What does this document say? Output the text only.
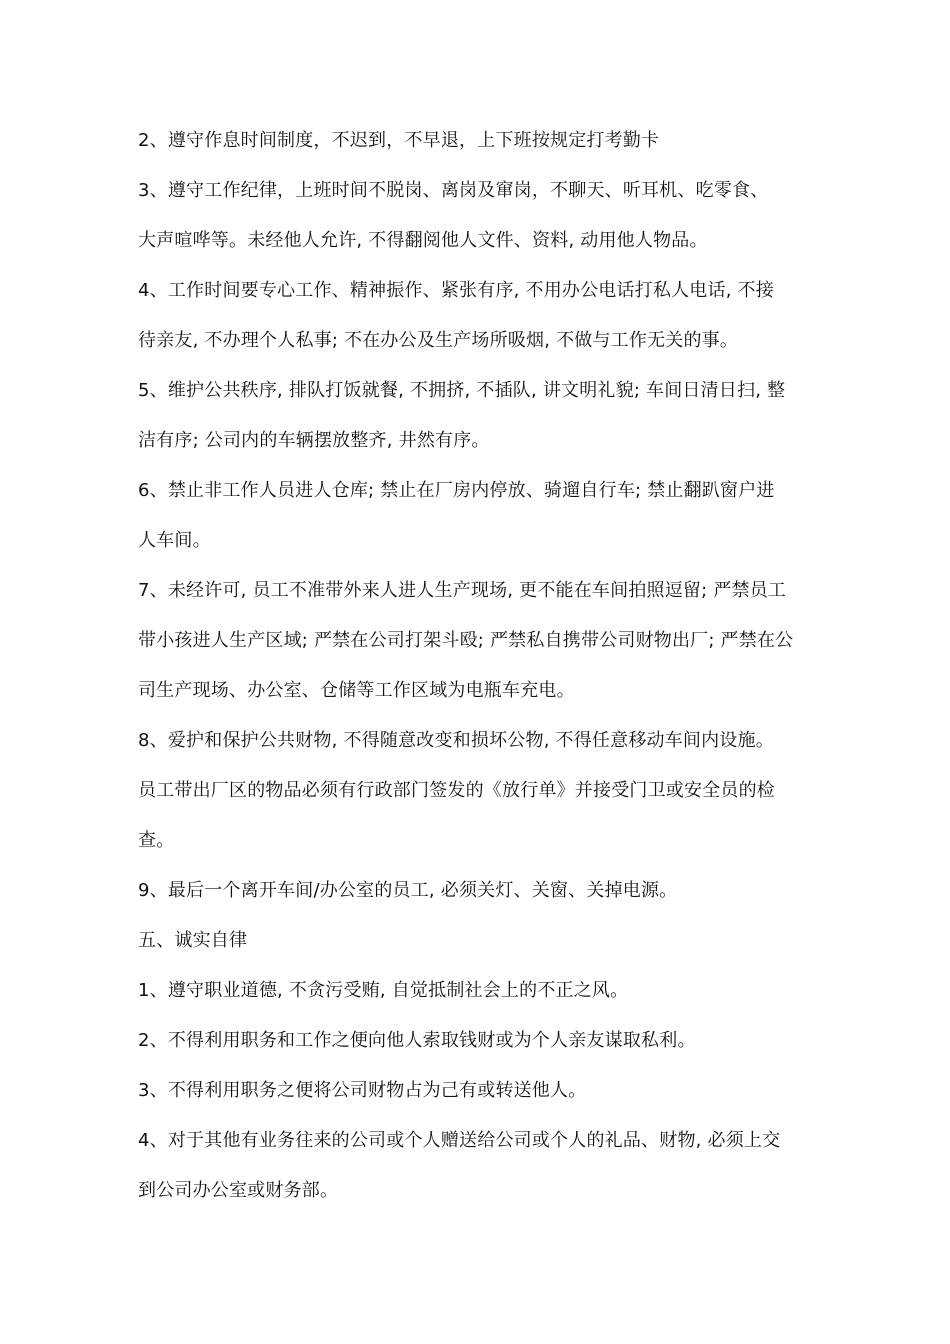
2、遵守作息时间制度，不迟到，不早退，上下班按规定打考勤卡
3、遵守工作纪律，上班时间不脱岗、离岗及窜岗，不聊天、听耳机、吃零食、
大声喧哗等。未经他人允许, 不得翻阅他人文件、资料, 动用他人物品。
4、工作时间要专心工作、精神振作、紧张有序, 不用办公电话打私人电话, 不接
待亲友, 不办理个人私事; 不在办公及生产场所吸烟, 不做与工作无关的事。
5、维护公共秩序, 排队打饭就餐, 不拥挤, 不插队, 讲文明礼貌; 车间日清日扫, 整
洁有序; 公司内的车辆摆放整齐, 井然有序。
6、禁止非工作人员进人仓库; 禁止在厂房内停放、骑遛自行车; 禁止翻趴窗户进
人车间。
7、未经许可, 员工不准带外来人进人生产现场, 更不能在车间拍照逗留; 严禁员工
带小孩进人生产区域; 严禁在公司打架斗殴; 严禁私自携带公司财物出厂; 严禁在公
司生产现场、办公室、仓储等工作区域为电瓶车充电。
8、爱护和保护公共财物, 不得随意改变和损坏公物, 不得任意移动车间内设施。
员工带出厂区的物品必须有行政部门签发的《放行单》并接受门卫或安全员的检
查。
9、最后一个离开车间/办公室的员工, 必须关灯、关窗、关掉电源。
五、诚实自律
1、遵守职业道德, 不贪污受贿, 自觉抵制社会上的不正之风。
2、不得利用职务和工作之便向他人索取钱财或为个人亲友谋取私利。
3、不得利用职务之便将公司财物占为己有或转送他人。
4、对于其他有业务往来的公司或个人赠送给公司或个人的礼品、财物, 必须上交
到公司办公室或财务部。
